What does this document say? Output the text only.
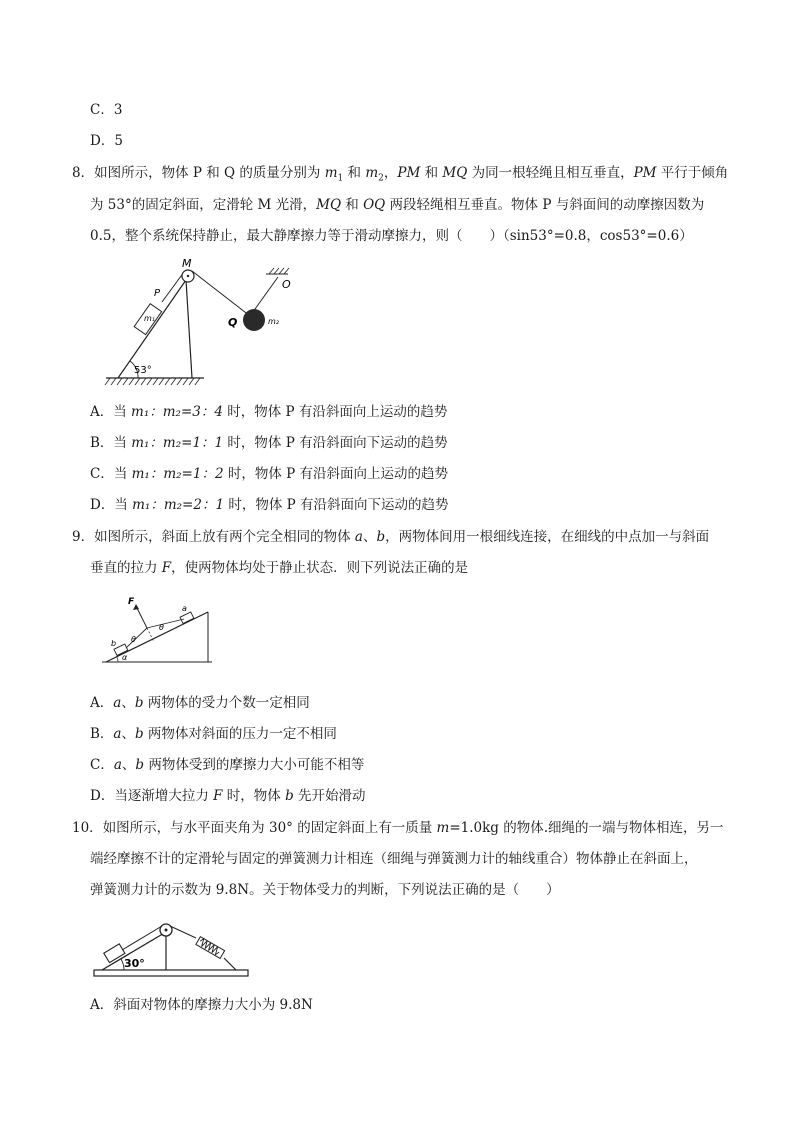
C．3
D．5
8．如图所示，物体 P 和 Q 的质量分别为 $m_1$ 和 $m_2$，PM 和 MQ 为同一根轻绳且相互垂直，PM 平行于倾角
为 53°的固定斜面，定滑轮 M 光滑，MQ 和 OQ 两段轻绳相互垂直。物体 P 与斜面间的动摩擦因数为
0.5，整个系统保持静止，最大静摩擦力等于滑动摩擦力，则（　　）（sin53°=0.8，cos53°=0.6）
53°
m₁
P
M
O
Q	m₂
A．当 m₁：m₂=3：4 时，物体 P 有沿斜面向上运动的趋势
B．当 m₁：m₂=1：1 时，物体 P 有沿斜面向下运动的趋势
C．当 m₁：m₂=1：2 时，物体 P 有沿斜面向上运动的趋势
D．当 m₁：m₂=2：1 时，物体 P 有沿斜面向下运动的趋势
9．如图所示，斜面上放有两个完全相同的物体 a、b，两物体间用一根细线连接，在细线的中点加一与斜面
垂直的拉力 F，使两物体均处于静止状态．则下列说法正确的是
F
a
b θ
θ
α
A．a、b 两物体的受力个数一定相同
B．a、b 两物体对斜面的压力一定不相同
C．a、b 两物体受到的摩擦力大小可能不相等
D．当逐渐增大拉力 F 时，物体 b 先开始滑动
10．如图所示，与水平面夹角为 30° 的固定斜面上有一质量 m=1.0kg 的物体.细绳的一端与物体相连，另一
端经摩擦不计的定滑轮与固定的弹簧测力计相连（细绳与弹簧测力计的轴线重合）物体静止在斜面上，
弹簧测力计的示数为 9.8N。关于物体受力的判断，下列说法正确的是（　　）
30°
A．斜面对物体的摩擦力大小为 9.8N
